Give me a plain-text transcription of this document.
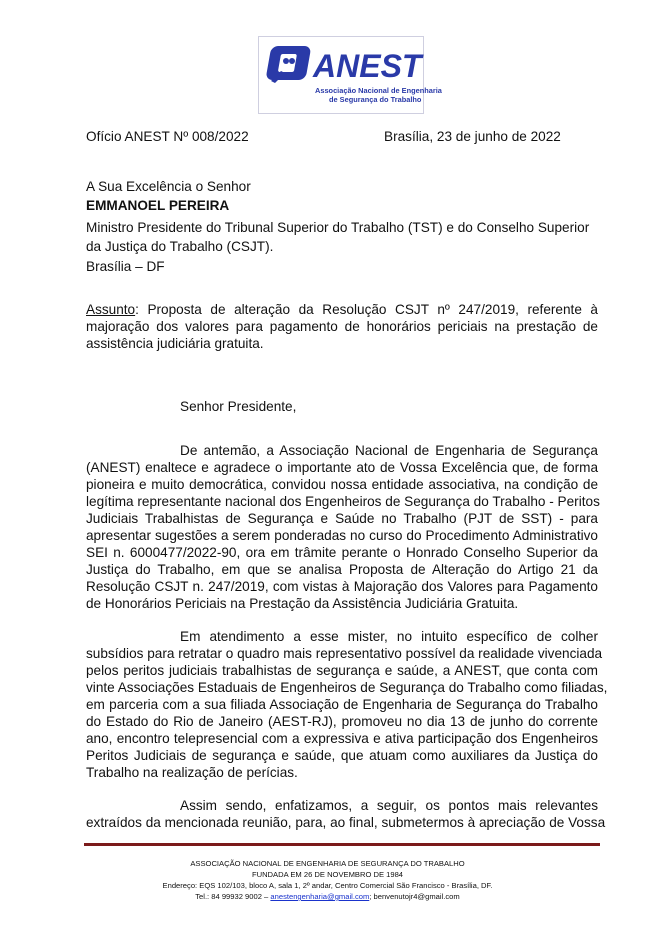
ANEST
Associação Nacional de Engenharia
de Segurança do Trabalho
Ofício ANEST Nº 008/2022	Brasília, 23 de junho de 2022
A Sua Excelência o Senhor
EMMANOEL PEREIRA
Ministro Presidente do Tribunal Superior do Trabalho (TST) e do Conselho Superior
da Justiça do Trabalho (CSJT).
Brasília – DF
Assunto: Proposta de alteração da Resolução CSJT nº 247/2019, referente à
majoração dos valores para pagamento de honorários periciais na prestação de
assistência judiciária gratuita.
Senhor Presidente,
De antemão, a Associação Nacional de Engenharia de Segurança
(ANEST) enaltece e agradece o importante ato de Vossa Excelência que, de forma
pioneira e muito democrática, convidou nossa entidade associativa, na condição de
legítima representante nacional dos Engenheiros de Segurança do Trabalho - Peritos
Judiciais Trabalhistas de Segurança e Saúde no Trabalho (PJT de SST) - para
apresentar sugestões a serem ponderadas no curso do Procedimento Administrativo
SEI n. 6000477/2022-90, ora em trâmite perante o Honrado Conselho Superior da
Justiça do Trabalho, em que se analisa Proposta de Alteração do Artigo 21 da
Resolução CSJT n. 247/2019, com vistas à Majoração dos Valores para Pagamento
de Honorários Periciais na Prestação da Assistência Judiciária Gratuita.
Em atendimento a esse mister, no intuito específico de colher
subsídios para retratar o quadro mais representativo possível da realidade vivenciada
pelos peritos judiciais trabalhistas de segurança e saúde, a ANEST, que conta com
vinte Associações Estaduais de Engenheiros de Segurança do Trabalho como filiadas,
em parceria com a sua filiada Associação de Engenharia de Segurança do Trabalho
do Estado do Rio de Janeiro (AEST-RJ), promoveu no dia 13 de junho do corrente
ano, encontro telepresencial com a expressiva e ativa participação dos Engenheiros
Peritos Judiciais de segurança e saúde, que atuam como auxiliares da Justiça do
Trabalho na realização de perícias.
Assim sendo, enfatizamos, a seguir, os pontos mais relevantes
extraídos da mencionada reunião, para, ao final, submetermos à apreciação de Vossa
ASSOCIAÇÃO NACIONAL DE ENGENHARIA DE SEGURANÇA DO TRABALHO
FUNDADA EM 26 DE NOVEMBRO DE 1984
Endereço: EQS 102/103, bloco A, sala 1, 2º andar, Centro Comercial São Francisco - Brasília, DF.
Tel.: 84 99932 9002 – anestengenharia@gmail.com; benvenutojr4@gmail.com
